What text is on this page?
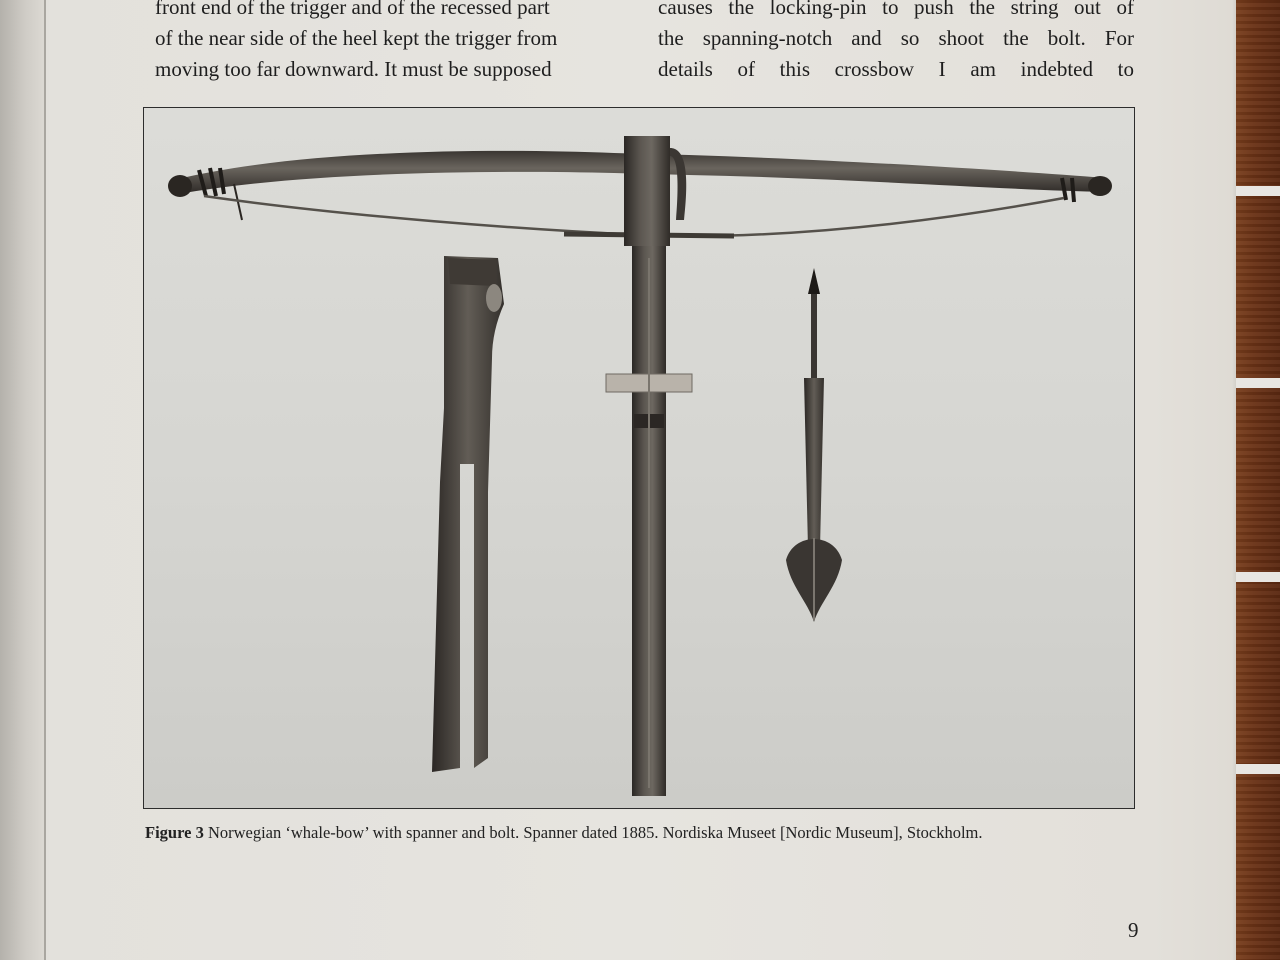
front end of the trigger and of the recessed part
of the near side of the heel kept the trigger from
moving too far downward. It must be supposed

causes the locking-pin to push the string out of
the spanning-notch and so shoot the bolt. For
details of this crossbow I am indebted to

Figure 3 Norwegian ‘whale-bow’ with spanner and bolt. Spanner dated 1885. Nordiska Museet [Nordic Museum], Stockholm.

9
